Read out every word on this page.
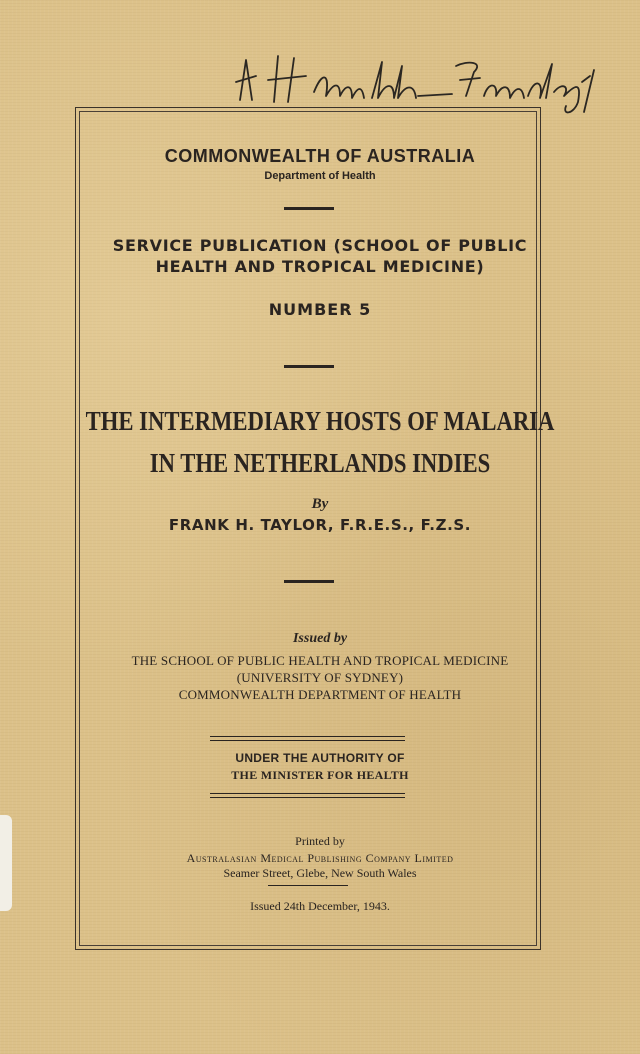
COMMONWEALTH OF AUSTRALIA
Department of Health
SERVICE PUBLICATION (SCHOOL OF PUBLIC
HEALTH AND TROPICAL MEDICINE)
NUMBER 5
THE INTERMEDIARY HOSTS OF MALARIA
IN THE NETHERLANDS INDIES
By
FRANK H. TAYLOR, F.R.E.S., F.Z.S.
Issued by
THE SCHOOL OF PUBLIC HEALTH AND TROPICAL MEDICINE
(UNIVERSITY OF SYDNEY)
COMMONWEALTH DEPARTMENT OF HEALTH
UNDER THE AUTHORITY OF
THE MINISTER FOR HEALTH
Printed by
Australasian Medical Publishing Company Limited
Seamer Street, Glebe, New South Wales
Issued 24th December, 1943.
